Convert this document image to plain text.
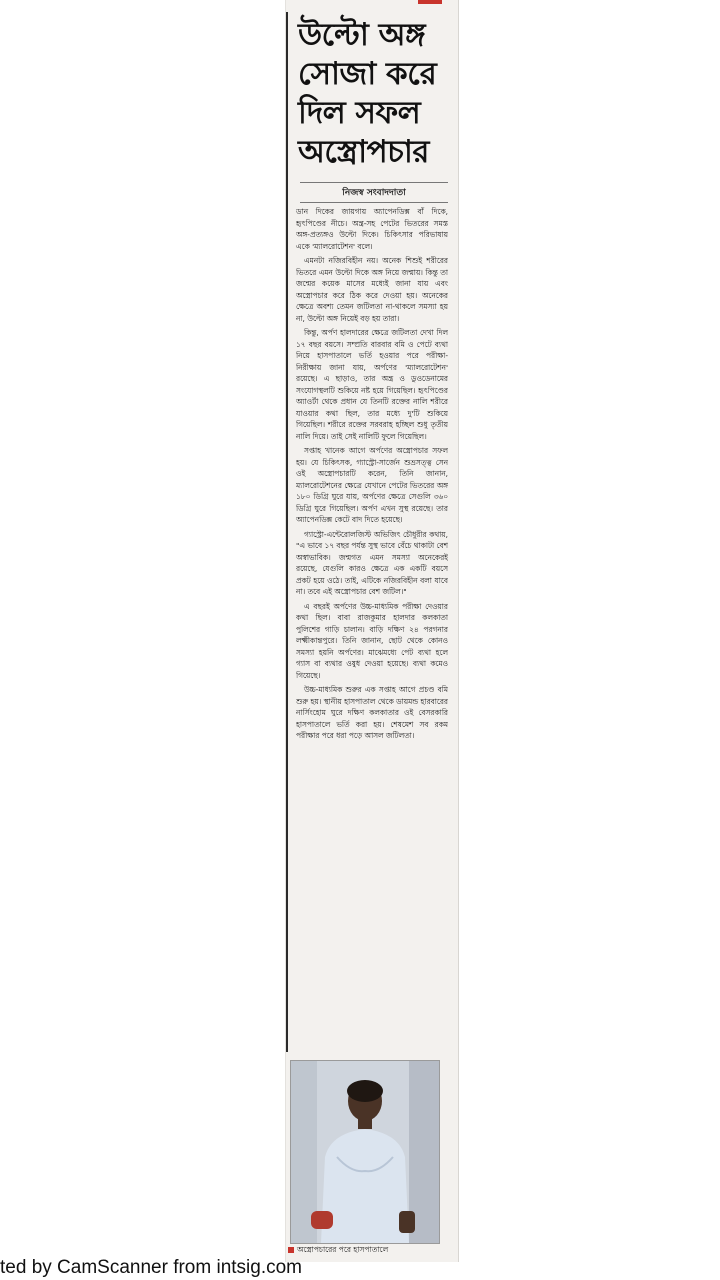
উল্টো অঙ্গ সোজা করে দিল সফল অস্ত্রোপচার
নিজস্ব সংবাদদাতা

ডান দিকের জায়গায় অ্যাপেনডিক্স বাঁ দিকে, হৃৎপিণ্ডের নীচে। অন্ত্র-সহ পেটের ভিতরের সমস্ত অঙ্গ-প্রত্যঙ্গও উল্টো দিকে। চিকিৎসার পরিভাষায় একে 'ম্যালরোটেশন' বলে।

এমনটা নজিরবিহীন নয়। অনেক শিশুই শরীরের ভিতরে এমন উল্টো দিকে অঙ্গ নিয়ে জন্মায়। কিন্তু তা জন্মের কয়েক মাসের মধ্যেই জানা যায় এবং অস্ত্রোপচার করে ঠিক করে দেওয়া হয়। অনেকের ক্ষেত্রে অবশ্য তেমন জটিলতা না-থাকলে সমস্যা হয় না, উল্টো অঙ্গ নিয়েই বড় হয় তারা।

কিন্তু, অর্পণ হালদারের ক্ষেত্রে জটিলতা দেখা দিল ১৭ বছর বয়সে। সম্প্রতি বারবার বমি ও পেটে ব্যথা নিয়ে হাসপাতালে ভর্তি হওয়ার পরে পরীক্ষা-নিরীক্ষায় জানা যায়, অর্পণের 'ম্যালরোটেশন' রয়েছে। এ ছাড়াও, তার অন্ত্র ও ডুওডেনামের সংযোগস্থলটি শুকিয়ে নষ্ট হয়ে গিয়েছিল। হৃৎপিণ্ডের অ্যাওর্টা থেকে প্রধান যে তিনটি রক্তের নালি শরীরে যাওয়ার কথা ছিল, তার মধ্যে দু'টি শুকিয়ে গিয়েছিল। শরীরে রক্তের সরবরাহ হচ্ছিল শুধু তৃতীয় নালি দিয়ে। তাই সেই নালিটি ফুলে গিয়েছিল।

সপ্তাহ খানেক আগে অর্পণের অস্ত্রোপচার সফল হয়। যে চিকিৎসক, গ্যাস্ট্রো-সার্জেন শুভ্রসত্ত্ব সেন ওই অস্ত্রোপচারটি করেন, তিনি জানান, ম্যালরোটেশনের ক্ষেত্রে যেখানে পেটের ভিতরের অঙ্গ ১৮০ ডিগ্রি ঘুরে যায়, অর্পণের ক্ষেত্রে সেগুলি ৩৬০ ডিগ্রি ঘুরে গিয়েছিল। অর্পণ এখন সুস্থ রয়েছে। তার অ্যাপেনডিক্স কেটে বাদ দিতে হয়েছে।

গ্যাস্ট্রো-এন্টেরোলজিস্ট অভিজিৎ চৌধুরীর কথায়, "এ ভাবে ১৭ বছর পর্যন্ত সুস্থ ভাবে বেঁচে থাকাটা বেশ অস্বাভাবিক। জন্মগত এমন সমস্যা অনেকেরই রয়েছে, যেগুলি কারও ক্ষেত্রে এক একটি বয়সে প্রকট হয়ে ওঠে। তাই, এটিকে নজিরবিহীন বলা যাবে না। তবে এই অস্ত্রোপচার বেশ জটিল।"

এ বছরই অর্পণের উচ্চ-মাধ্যমিক পরীক্ষা দেওয়ার কথা ছিল। বাবা রাজকুমার হালদার কলকাতা পুলিশের গাড়ি চালান। বাড়ি দক্ষিণ ২৪ পরগনার লক্ষ্মীকান্তপুরে। তিনি জানান, ছোট থেকে কোনও সমস্যা হয়নি অর্পণের। মাঝেমধ্যে পেট ব্যথা হলে গ্যাস বা ব্যথার ওষুধ দেওয়া হয়েছে। ব্যথা কমেও গিয়েছে।

উচ্চ-মাধ্যমিক শুরুর এক সপ্তাহ আগে প্রচণ্ড বমি শুরু হয়। স্থানীয় হাসপাতাল থেকে ডায়মন্ড হারবারের নার্সিংহোম ঘুরে দক্ষিণ কলকাতার ওই বেসরকারি হাসপাতালে ভর্তি করা হয়। শেষমেশ সব রকম পরীক্ষার পরে ধরা পড়ে আসল জটিলতা।

অস্ত্রোপচারের পরে হাসপাতালে
ted by CamScanner from intsig.com
